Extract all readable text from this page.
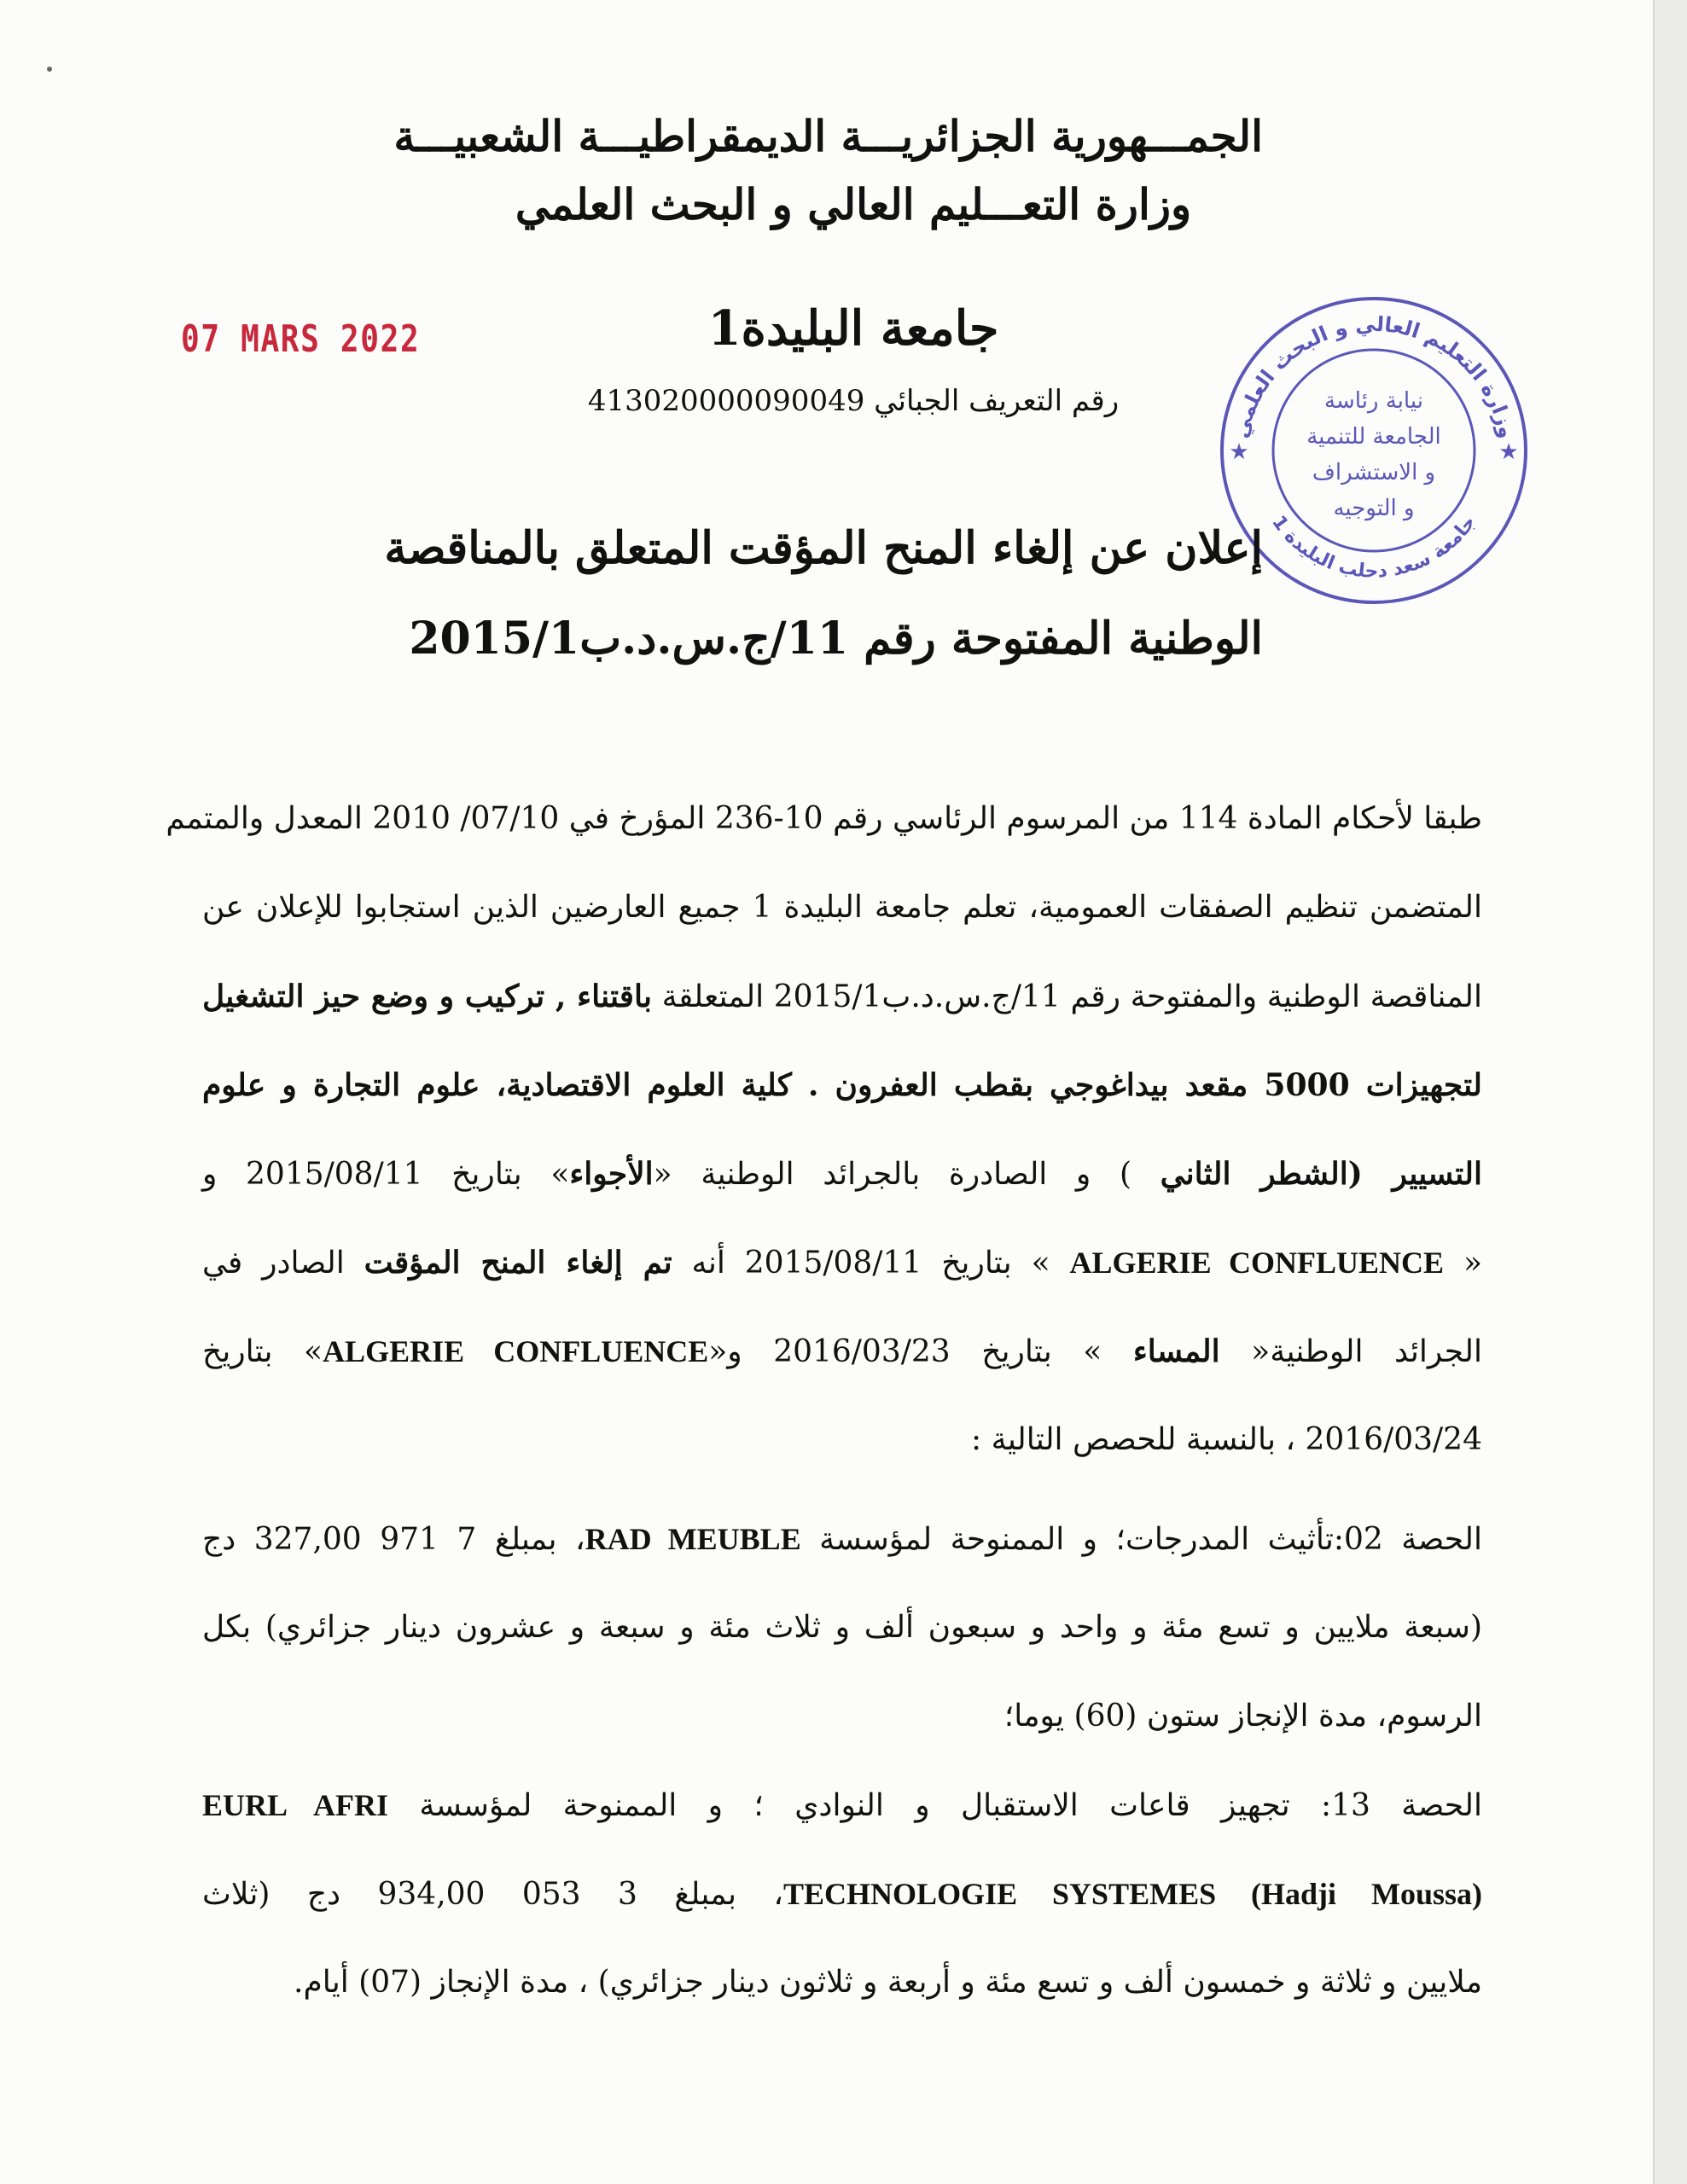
الجمـــهورية الجزائريـــة الديمقراطيـــة الشعبيـــة
وزارة التعـــليم العالي و البحث العلمي
جامعة البليدة1
رقم التعريف الجبائي 413020000090049
07 MARS 2022
وزارة التعليم العالي و البحث العلمي
جامعة سعد دحلب البليدة 1
★	★
نيابة رئاسة
الجامعة للتنمية
و الاستشراف
و التوجيه
إعلان عن إلغاء المنح المؤقت المتعلق بالمناقصة
الوطنية المفتوحة رقم 11/ج.س.د.ب2015/1
طبقا لأحكام المادة 114 من المرسوم الرئاسي رقم 10-236 المؤرخ في 07/10/ 2010 المعدل والمتمم
المتضمن تنظيم الصفقات العمومية، تعلم جامعة البليدة 1 جميع العارضين الذين استجابوا للإعلان عن
المناقصة الوطنية والمفتوحة رقم 11/ج.س.د.ب2015/1 المتعلقة باقتناء , تركيب و وضع حيز التشغيل
لتجهيزات 5000 مقعد بيداغوجي بقطب العفرون . كلية العلوم الاقتصادية، علوم التجارة و علوم
التسيير (الشطر الثاني ) و الصادرة بالجرائد الوطنية «الأجواء» بتاريخ 2015/08/11 و
« ALGERIE CONFLUENCE » بتاريخ 2015/08/11 أنه تم إلغاء المنح المؤقت الصادر في
الجرائد الوطنية« المساء » بتاريخ 2016/03/23 و«ALGERIE CONFLUENCE» بتاريخ
2016/03/24 ، بالنسبة للحصص التالية :
الحصة 02:تأثيث المدرجات؛ و الممنوحة لمؤسسة RAD MEUBLE، بمبلغ 7 971 327,00 دج
(سبعة ملايين و تسع مئة و واحد و سبعون ألف و ثلاث مئة و سبعة و عشرون دينار جزائري) بكل
الرسوم، مدة الإنجاز ستون (60) يوما؛
الحصة 13: تجهيز قاعات الاستقبال و النوادي ؛ و الممنوحة لمؤسسة EURL AFRI
TECHNOLOGIE SYSTEMES (Hadji Moussa)، بمبلغ 3 053 934,00 دج (ثلاث
ملايين و ثلاثة و خمسون ألف و تسع مئة و أربعة و ثلاثون دينار جزائري) ، مدة الإنجاز (07) أيام.
